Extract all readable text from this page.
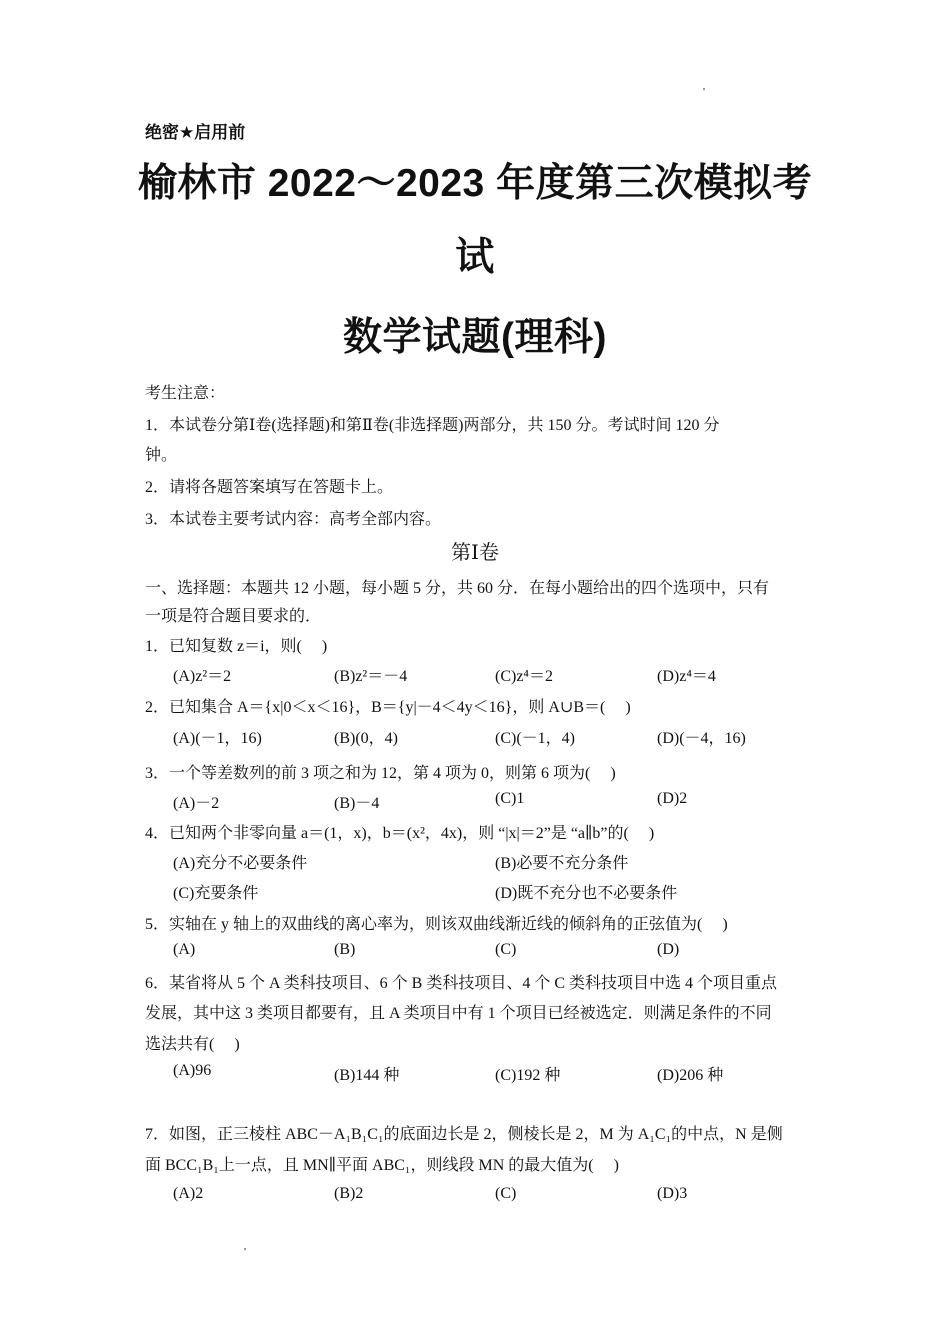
绝密★启用前
榆林市 2022～2023 年度第三次模拟考
试
数学试题(理科)
考生注意：
1．本试卷分第Ⅰ卷(选择题)和第Ⅱ卷(非选择题)两部分，共 150 分。考试时间 120 分
钟。
2．请将各题答案填写在答题卡上。
3．本试卷主要考试内容：高考全部内容。
第Ⅰ卷
一、选择题：本题共 12 小题，每小题 5 分，共 60 分．在每小题给出的四个选项中，只有
一项是符合题目要求的．
1．已知复数 z＝i，则(　 )
(A)z²＝2	(B)z²＝－4	(C)z⁴＝2	(D)z⁴＝4
2．已知集合 A＝{x|0＜x＜16}，B＝{y|－4＜4y＜16}，则 A∪B＝(　 )
(A)(－1，16)	(B)(0，4)	(C)(－1，4)	(D)(－4，16)
3．一个等差数列的前 3 项之和为 12，第 4 项为 0，则第 6 项为(　 )
(A)－2	(B)－4	(C)1	(D)2
4．已知两个非零向量 a＝(1，x)，b＝(x²，4x)，则 “|x|＝2”是 “a∥b”的(　 )
(A)充分不必要条件	(B)必要不充分条件
(C)充要条件	(D)既不充分也不必要条件
5．实轴在 y 轴上的双曲线的离心率为，则该双曲线渐近线的倾斜角的正弦值为(　 )
(A)	(B)	(C)	(D)
6．某省将从 5 个 A 类科技项目、6 个 B 类科技项目、4 个 C 类科技项目中选 4 个项目重点
发展，其中这 3 类项目都要有，且 A 类项目中有 1 个项目已经被选定．则满足条件的不同
选法共有(　 )
(A)96	(B)144 种	(C)192 种	(D)206 种
7．如图，正三棱柱 ABC－A₁B₁C₁的底面边长是 2，侧棱长是 2，M 为 A₁C₁的中点，N 是侧
面 BCC₁B₁上一点，且 MN∥平面 ABC₁，则线段 MN 的最大值为(　 )
(A)2	(B)2	(C)	(D)3
